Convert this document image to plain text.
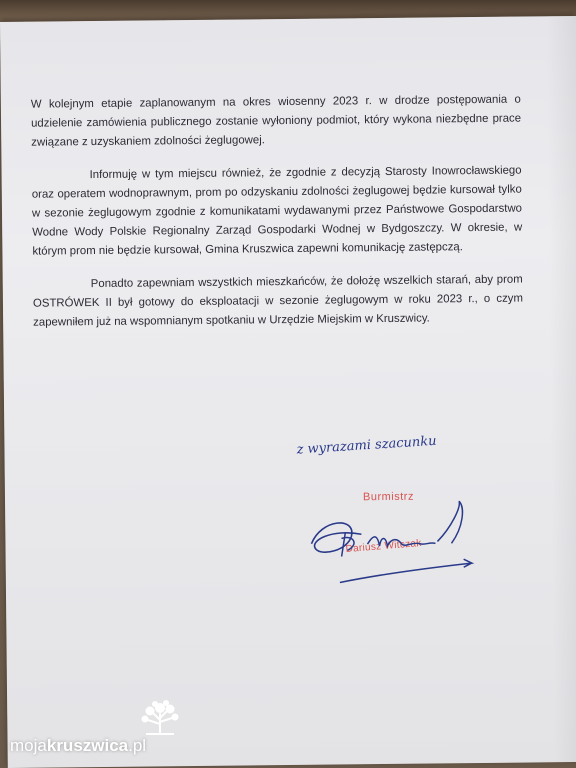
W kolejnym etapie zaplanowanym na okres wiosenny 2023 r. w drodze postępowania o udzielenie zamówienia publicznego zostanie wyłoniony podmiot, który wykona niezbędne prace związane z uzyskaniem zdolności żeglugowej.

Informuję w tym miejscu również, że zgodnie z decyzją Starosty Inowrocławskiego oraz operatem wodnoprawnym, prom po odzyskaniu zdolności żeglugowej będzie kursował tylko w sezonie żeglugowym zgodnie z komunikatami wydawanymi przez Państwowe Gospodarstwo Wodne Wody Polskie Regionalny Zarząd Gospodarki Wodnej w Bydgoszczy. W okresie, w którym prom nie będzie kursował, Gmina Kruszwica zapewni komunikację zastępczą.

Ponadto zapewniam wszystkich mieszkańców, że dołożę wszelkich starań, aby prom OSTRÓWEK II był gotowy do eksploatacji w sezonie żeglugowym w roku 2023 r., o czym zapewniłem już na wspomnianym spotkaniu w Urzędzie Miejskim w Kruszwicy.

z wyrazami szacunku
Burmistrz
Dariusz Witczak
mojakruszwica.pl
